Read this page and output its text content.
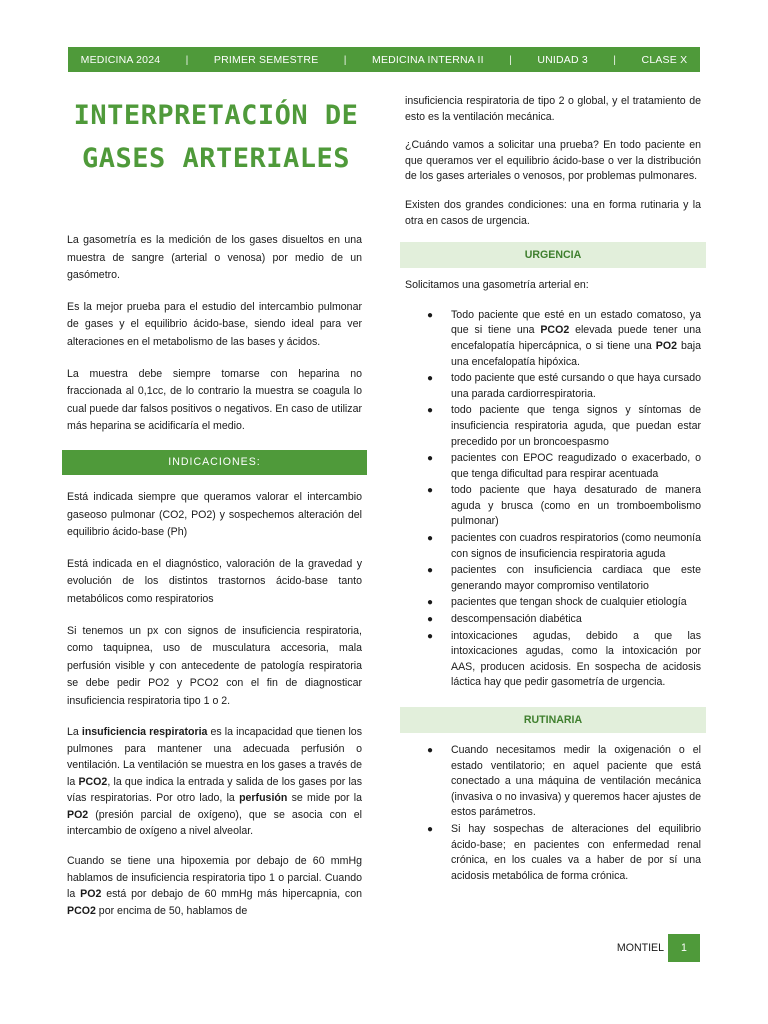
MEDICINA 2024 | PRIMER SEMESTRE | MEDICINA INTERNA II | UNIDAD 3 | CLASE X
INTERPRETACIÓN DE GASES ARTERIALES

La gasometría es la medición de los gases disueltos en una muestra de sangre (arterial o venosa) por medio de un gasómetro.

Es la mejor prueba para el estudio del intercambio pulmonar de gases y el equilibrio ácido-base, siendo ideal para ver alteraciones en el metabolismo de las bases y ácidos.

La muestra debe siempre tomarse con heparina no fraccionada al 0,1cc, de lo contrario la muestra se coagula lo cual puede dar falsos positivos o negativos. En caso de utilizar más heparina se acidificaría el medio.

INDICACIONES:

Está indicada siempre que queramos valorar el intercambio gaseoso pulmonar (CO2, PO2) y sospechemos alteración del equilibrio ácido-base (Ph)

Está indicada en el diagnóstico, valoración de la gravedad y evolución de los distintos trastornos ácido-base tanto metabólicos como respiratorios

Si tenemos un px con signos de insuficiencia respiratoria, como taquipnea, uso de musculatura accesoria, mala perfusión visible y con antecedente de patología respiratoria se debe pedir PO2 y PCO2 con el fin de diagnosticar insuficiencia respiratoria tipo 1 o 2.

La insuficiencia respiratoria es la incapacidad que tienen los pulmones para mantener una adecuada perfusión o ventilación. La ventilación se muestra en los gases a través de la PCO2, la que indica la entrada y salida de los gases por las vías respiratorias. Por otro lado, la perfusión se mide por la PO2 (presión parcial de oxígeno), que se asocia con el intercambio de oxígeno a nivel alveolar.

Cuando se tiene una hipoxemia por debajo de 60 mmHg hablamos de insuficiencia respiratoria tipo 1 o parcial. Cuando la PO2 está por debajo de 60 mmHg más hipercapnia, con PCO2 por encima de 50, hablamos de

insuficiencia respiratoria de tipo 2 o global, y el tratamiento de esto es la ventilación mecánica.

¿Cuándo vamos a solicitar una prueba? En todo paciente en que queramos ver el equilibrio ácido-base o ver la distribución de los gases arteriales o venosos, por problemas pulmonares.

Existen dos grandes condiciones: una en forma rutinaria y la otra en casos de urgencia.

URGENCIA

Solicitamos una gasometría arterial en:

● Todo paciente que esté en un estado comatoso, ya que si tiene una PCO2 elevada puede tener una encefalopatía hipercápnica, o si tiene una PO2 baja una encefalopatía hipóxica.
● todo paciente que esté cursando o que haya cursado una parada cardiorrespiratoria.
● todo paciente que tenga signos y síntomas de insuficiencia respiratoria aguda, que puedan estar precedido por un broncoespasmo
● pacientes con EPOC reagudizado o exacerbado, o que tenga dificultad para respirar acentuada
● todo paciente que haya desaturado de manera aguda y brusca (como en un tromboembolismo pulmonar)
● pacientes con cuadros respiratorios (como neumonía con signos de insuficiencia respiratoria aguda
● pacientes con insuficiencia cardiaca que este generando mayor compromiso ventilatorio
● pacientes que tengan shock de cualquier etiología
● descompensación diabética
● intoxicaciones agudas, debido a que las intoxicaciones agudas, como la intoxicación por AAS, producen acidosis. En sospecha de acidosis láctica hay que pedir gasometría de urgencia.
RUTINARIA
● Cuando necesitamos medir la oxigenación o el estado ventilatorio; en aquel paciente que está conectado a una máquina de ventilación mecánica (invasiva o no invasiva) y queremos hacer ajustes de estos parámetros.
● Si hay sospechas de alteraciones del equilibrio ácido-base; en pacientes con enfermedad renal crónica, en los cuales va a haber de por sí una acidosis metabólica de forma crónica.
MONTIEL	1
